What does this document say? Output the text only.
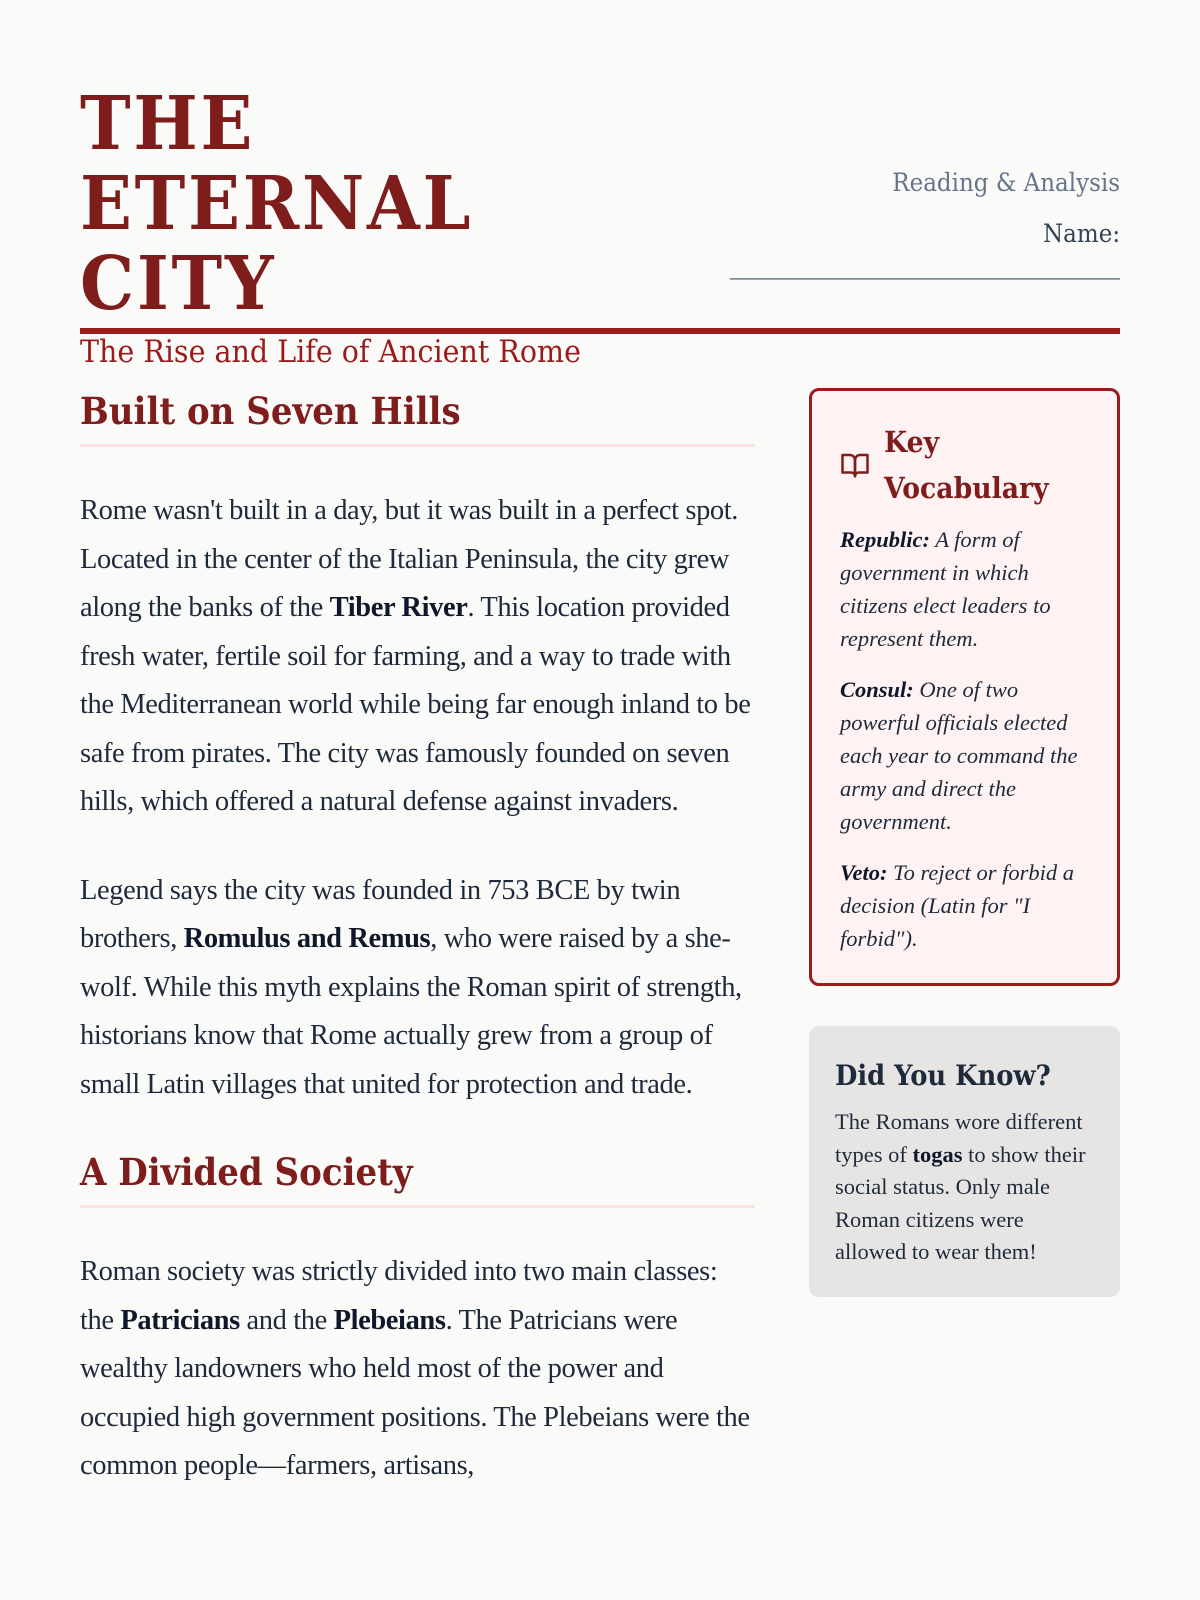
THE ETERNAL CITY
The Rise and Life of Ancient Rome
Reading & Analysis
Name:
__________________________
Built on Seven Hills

Rome wasn't built in a day, but it was built in a perfect spot. Located in the center of the Italian Peninsula, the city grew along the banks of the Tiber River. This location provided fresh water, fertile soil for farming, and a way to trade with the Mediterranean world while being far enough inland to be safe from pirates. The city was famously founded on seven hills, which offered a natural defense against invaders.

Legend says the city was founded in 753 BCE by twin brothers, Romulus and Remus, who were raised by a she-wolf. While this myth explains the Roman spirit of strength, historians know that Rome actually grew from a group of small Latin villages that united for protection and trade.

A Divided Society

Roman society was strictly divided into two main classes: the Patricians and the Plebeians. The Patricians were wealthy landowners who held most of the power and occupied high government positions. The Plebeians were the common people—farmers, artisans,

Key Vocabulary

Republic: A form of government in which citizens elect leaders to represent them.

Consul: One of two powerful officials elected each year to command the army and direct the government.

Veto: To reject or forbid a decision (Latin for "I forbid").

Did You Know?

The Romans wore different types of togas to show their social status. Only male Roman citizens were allowed to wear them!
